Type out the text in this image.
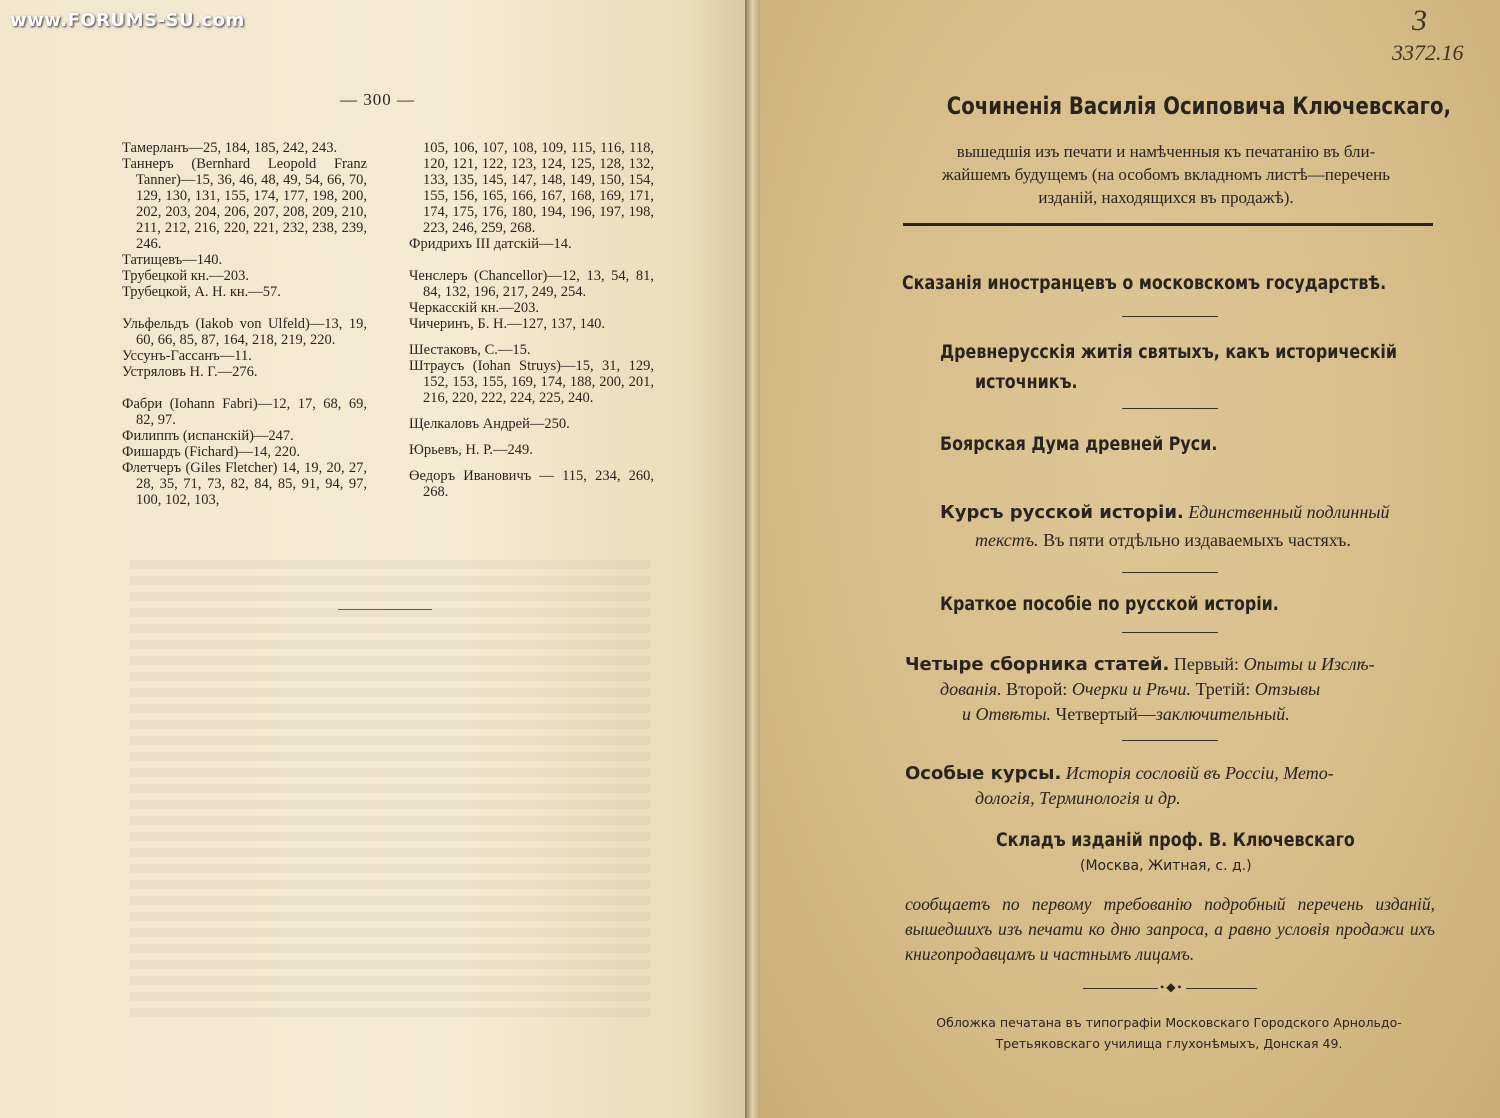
www.FORUMS-SU.com
— 300 —
Тамерланъ—25, 184, 185, 242, 243.
Таннеръ (Bernhard Leopold Franz Tanner)—15, 36, 46, 48, 49, 54, 66, 70, 129, 130, 131, 155, 174, 177, 198, 200, 202, 203, 204, 206, 207, 208, 209, 210, 211, 212, 216, 220, 221, 232, 238, 239, 246.
Татищевъ—140.
Трубецкой кн.—203.
Трубецкой, А. Н. кн.—57.
Ульфельдъ (Iakob von Ulfeld)—13, 19, 60, 66, 85, 87, 164, 218, 219, 220.
Уссунъ-Гассанъ—11.
Устряловъ Н. Г.—276.
Фабри (Iohann Fabri)—12, 17, 68, 69, 82, 97.
Филиппъ (испанскій)—247.
Фишардъ (Fichard)—14, 220.
Флетчеръ (Giles Fletcher) 14, 19, 20, 27, 28, 35, 71, 73, 82, 84, 85, 91, 94, 97, 100, 102, 103,
105, 106, 107, 108, 109, 115, 116, 118, 120, 121, 122, 123, 124, 125, 128, 132, 133, 135, 145, 147, 148, 149, 150, 154, 155, 156, 165, 166, 167, 168, 169, 171, 174, 175, 176, 180, 194, 196, 197, 198, 223, 246, 259, 268.
Фридрихъ III датскій—14.
Ченслеръ (Chancellor)—12, 13, 54, 81, 84, 132, 196, 217, 249, 254.
Черкасскій кн.—203.
Чичеринъ, Б. Н.—127, 137, 140.
Шестаковъ, С.—15.
Штраусъ (Iohan Struys)—15, 31, 129, 152, 153, 155, 169, 174, 188, 200, 201, 216, 220, 222, 224, 225, 240.
Щелкаловъ Андрей—250.
Юрьевъ, Н. Р.—249.
Өедоръ Ивановичъ — 115, 234, 260, 268.
3
3372.16
Сочиненія Василія Осиповича Ключевскаго,
вышедшія изъ печати и намѣченныя къ печатанію въ бли-
жайшемъ будущемъ (на особомъ вкладномъ листѣ—перечень
изданій, находящихся въ продажѣ).
Сказанія иностранцевъ о московскомъ государствѣ.
Древнерусскія житія святыхъ, какъ историческій
источникъ.
Боярская Дума древней Руси.
Курсъ русской исторіи. Единственный подлинный
текстъ. Въ пяти отдѣльно издаваемыхъ частяхъ.
Краткое пособіе по русской исторіи.
Четыре сборника статей. Первый: Опыты и Изслѣ-
дованія. Второй: Очерки и Рѣчи. Третій: Отзывы
и Отвѣты. Четвертый—заключительный.
Особые курсы. Исторія сословій въ Россіи, Мето-
дологія, Терминологія и др.
Складъ изданій проф. В. Ключевскаго
(Москва, Житная, с. д.)
сообщаетъ по первому требованію подробный перечень изданій, вышедшихъ изъ печати ко дню запроса, а равно условія продажи ихъ книгопродавцамъ и частнымъ лицамъ.
•◆•
Обложка печатана въ типографіи Московскаго Городского Арнольдо-
Третьяковскаго училища глухонѣмыхъ, Донская 49.
